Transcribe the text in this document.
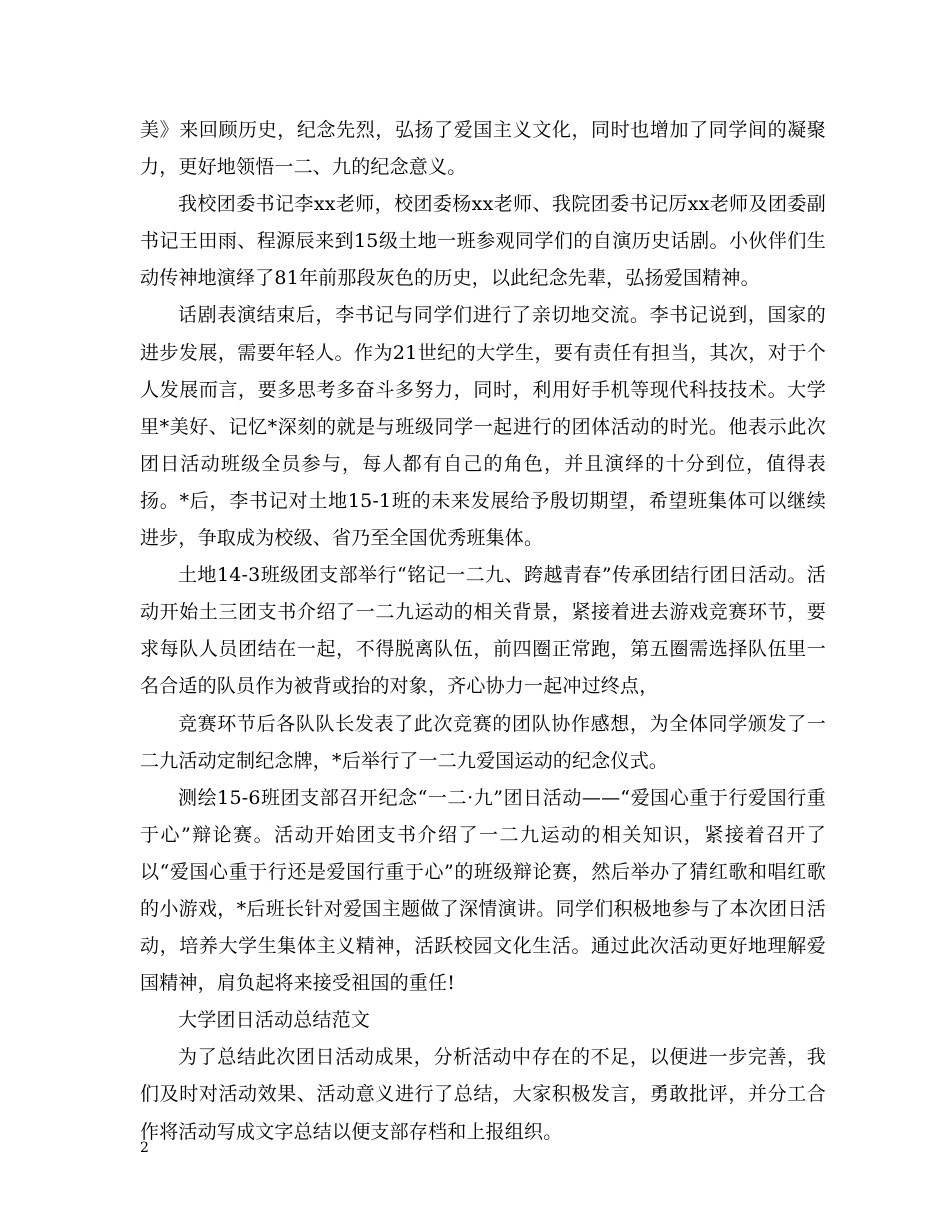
美》来回顾历史，纪念先烈，弘扬了爱国主义文化，同时也增加了同学间的凝聚力，更好地领悟一二、九的纪念意义。

我校团委书记李xx老师，校团委杨xx老师、我院团委书记厉xx老师及团委副书记王田雨、程源辰来到15级土地一班参观同学们的自演历史话剧。小伙伴们生动传神地演绎了81年前那段灰色的历史，以此纪念先辈，弘扬爱国精神。

话剧表演结束后，李书记与同学们进行了亲切地交流。李书记说到，国家的进步发展，需要年轻人。作为21世纪的大学生，要有责任有担当，其次，对于个人发展而言，要多思考多奋斗多努力，同时，利用好手机等现代科技技术。大学里*美好、记忆*深刻的就是与班级同学一起进行的团体活动的时光。他表示此次团日活动班级全员参与，每人都有自己的角色，并且演绎的十分到位，值得表扬。*后，李书记对土地15-1班的未来发展给予殷切期望，希望班集体可以继续进步，争取成为校级、省乃至全国优秀班集体。

土地14-3班级团支部举行“铭记一二九、跨越青春”传承团结行团日活动。活动开始土三团支书介绍了一二九运动的相关背景，紧接着进去游戏竞赛环节，要求每队人员团结在一起，不得脱离队伍，前四圈正常跑，第五圈需选择队伍里一名合适的队员作为被背或抬的对象，齐心协力一起冲过终点，

竞赛环节后各队队长发表了此次竞赛的团队协作感想，为全体同学颁发了一二九活动定制纪念牌，*后举行了一二九爱国运动的纪念仪式。

测绘15-6班团支部召开纪念“一二·九”团日活动——“爱国心重于行爱国行重于心”辩论赛。活动开始团支书介绍了一二九运动的相关知识，紧接着召开了以“爱国心重于行还是爱国行重于心”的班级辩论赛，然后举办了猜红歌和唱红歌的小游戏，*后班长针对爱国主题做了深情演讲。同学们积极地参与了本次团日活动，培养大学生集体主义精神，活跃校园文化生活。通过此次活动更好地理解爱国精神，肩负起将来接受祖国的重任!

大学团日活动总结范文

为了总结此次团日活动成果，分析活动中存在的不足，以便进一步完善，我们及时对活动效果、活动意义进行了总结，大家积极发言，勇敢批评，并分工合作将活动写成文字总结以便支部存档和上报组织。

2
